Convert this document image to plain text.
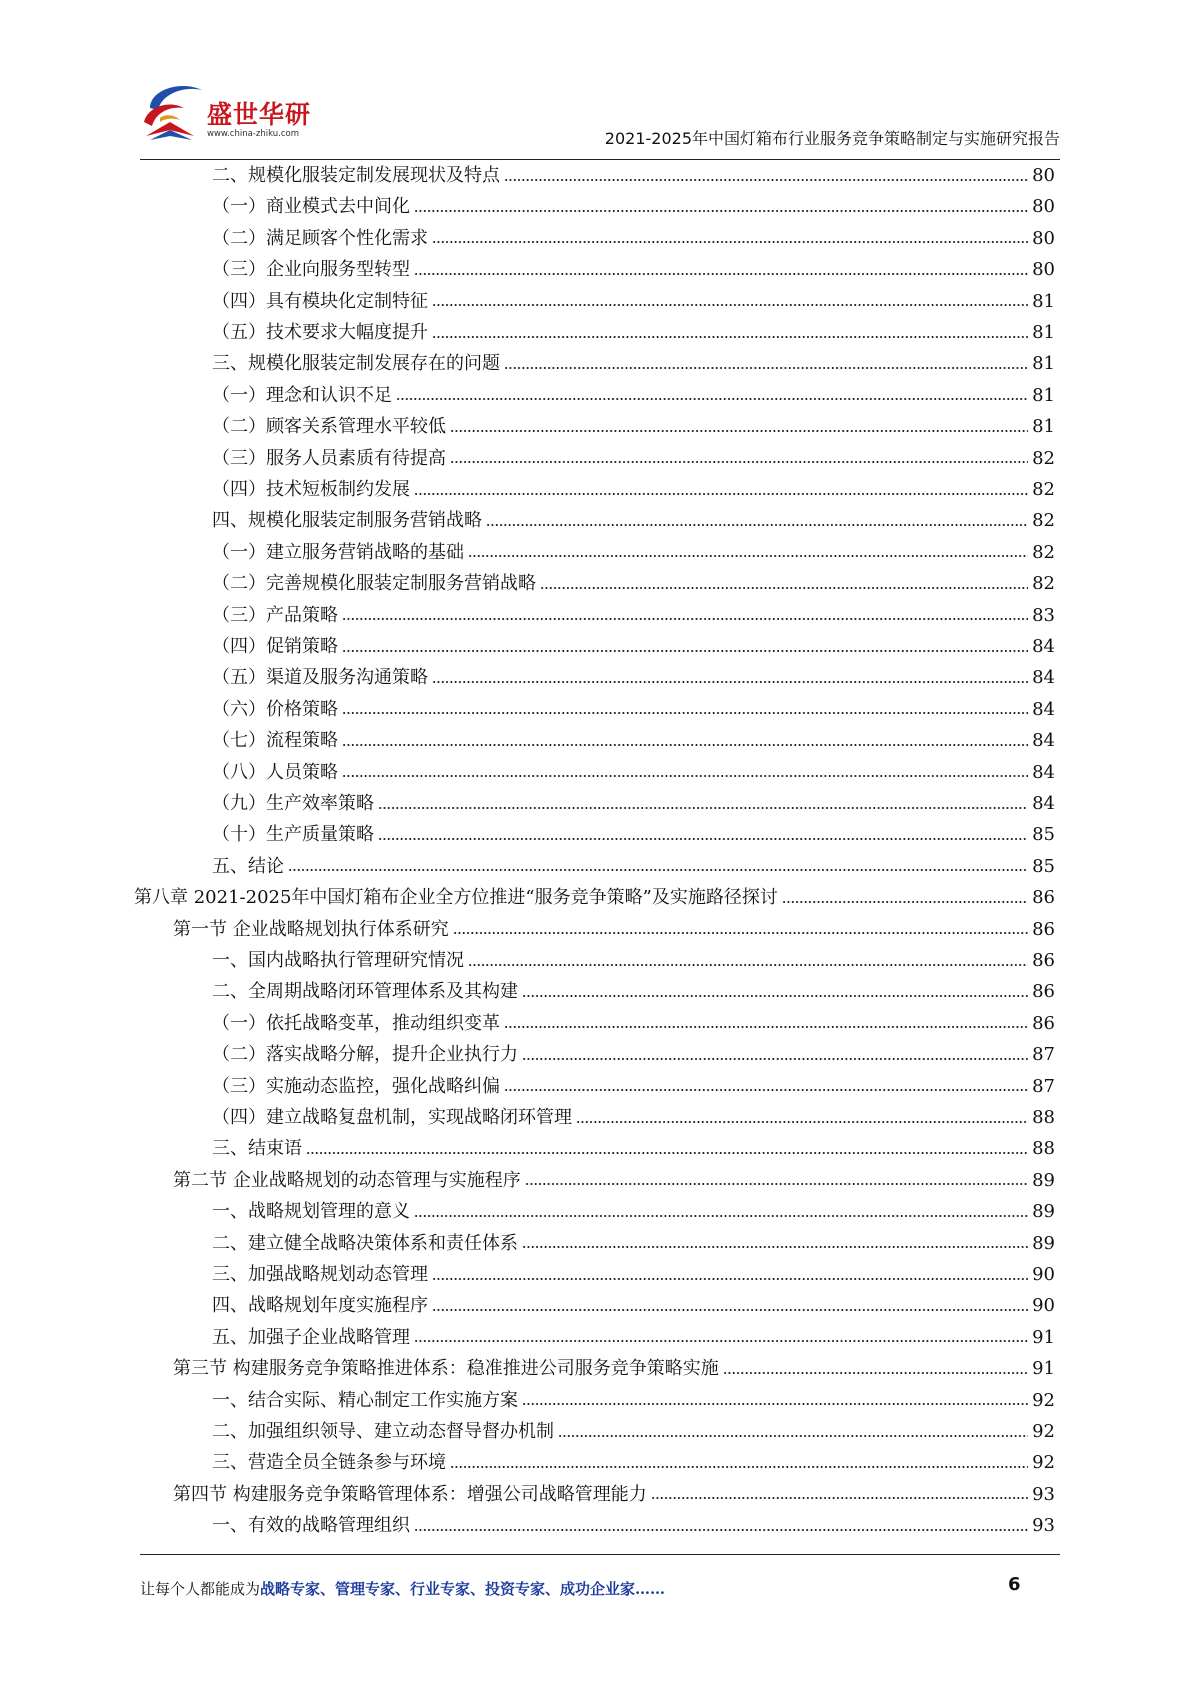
盛世华研
www.china-zhiku.com	2021-2025年中国灯箱布行业服务竞争策略制定与实施研究报告
二、规模化服装定制发展现状及特点	80
（一）商业模式去中间化	80
（二）满足顾客个性化需求	80
（三）企业向服务型转型	80
（四）具有模块化定制特征	81
（五）技术要求大幅度提升	81
三、规模化服装定制发展存在的问题	81
（一）理念和认识不足	81
（二）顾客关系管理水平较低	81
（三）服务人员素质有待提高	82
（四）技术短板制约发展	82
四、规模化服装定制服务营销战略	82
（一）建立服务营销战略的基础	82
（二）完善规模化服装定制服务营销战略	82
（三）产品策略	83
（四）促销策略	84
（五）渠道及服务沟通策略	84
（六）价格策略	84
（七）流程策略	84
（八）人员策略	84
（九）生产效率策略	84
（十）生产质量策略	85
五、结论	85
第八章 2021-2025年中国灯箱布企业全方位推进“服务竞争策略”及实施路径探讨	86
第一节 企业战略规划执行体系研究	86
一、国内战略执行管理研究情况	86
二、全周期战略闭环管理体系及其构建	86
（一）依托战略变革，推动组织变革	86
（二）落实战略分解，提升企业执行力	87
（三）实施动态监控，强化战略纠偏	87
（四）建立战略复盘机制，实现战略闭环管理	88
三、结束语	88
第二节 企业战略规划的动态管理与实施程序	89
一、战略规划管理的意义	89
二、建立健全战略决策体系和责任体系	89
三、加强战略规划动态管理	90
四、战略规划年度实施程序	90
五、加强子企业战略管理	91
第三节 构建服务竞争策略推进体系：稳准推进公司服务竞争策略实施	91
一、结合实际、精心制定工作实施方案	92
二、加强组织领导、建立动态督导督办机制	92
三、营造全员全链条参与环境	92
第四节 构建服务竞争策略管理体系：增强公司战略管理能力	93
一、有效的战略管理组织	93
让每个人都能成为战略专家、管理专家、行业专家、投资专家、成功企业家……	6
